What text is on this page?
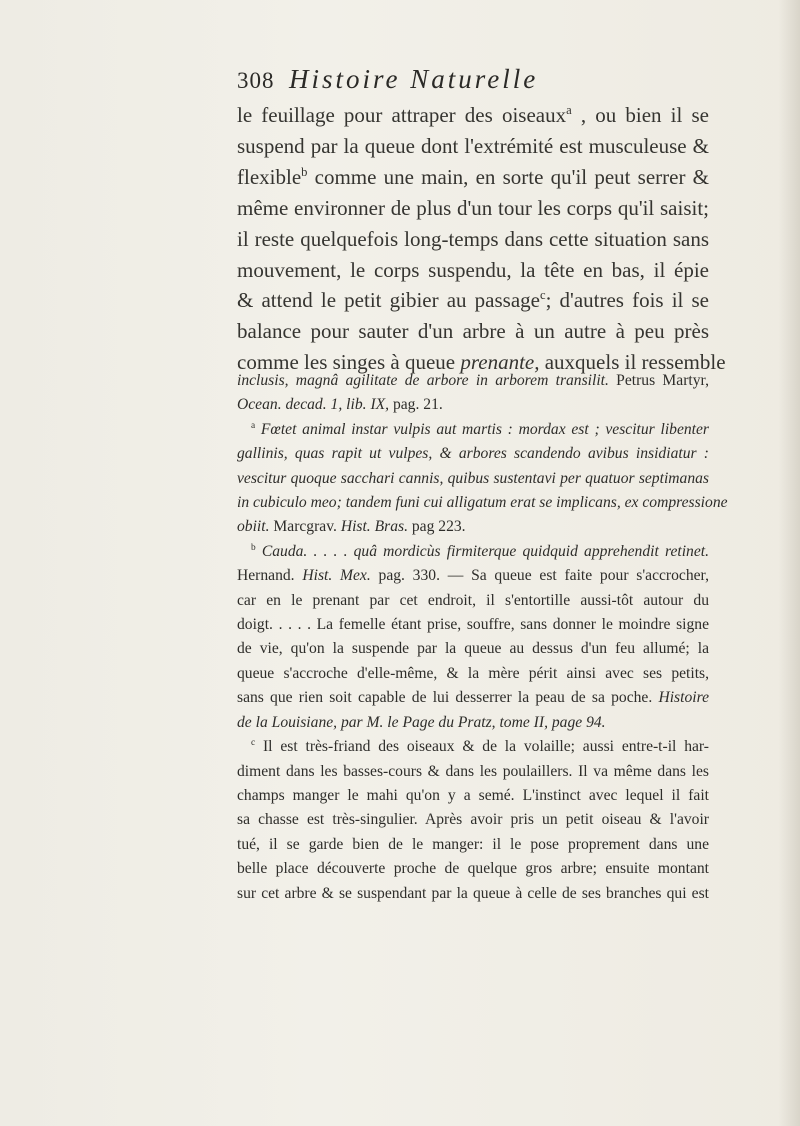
308 Histoire Naturelle
le feuillage pour attraper des oiseaux$^a$ , ou bien il se
suspend par la queue dont l'extrémité est musculeuse &
flexible$^b$ comme une main, en sorte qu'il peut serrer &
même environner de plus d'un tour les corps qu'il saisit;
il reste quelquefois long-temps dans cette situation sans
mouvement, le corps suspendu, la tête en bas, il épie
& attend le petit gibier au passage$^c$; d'autres fois il se
balance pour sauter d'un arbre à un autre à peu près
comme les singes à queue prenante, auxquels il ressemble
inclusis, magnâ agilitate de arbore in arborem transilit. Petrus Martyr,
Ocean. decad. 1, lib. IX, pag. 21.
$^a$ Fœtet animal instar vulpis aut martis : mordax est ; vescitur libenter
gallinis, quas rapit ut vulpes, & arbores scandendo avibus insidiatur :
vescitur quoque sacchari cannis, quibus sustentavi per quatuor septimanas
in cubiculo meo; tandem funi cui alligatum erat se implicans, ex compressione
obiit. Marcgrav. Hist. Bras. pag 223.
$^b$ Cauda. . . . . quâ mordicùs firmiterque quidquid apprehendit retinet.
Hernand. Hist. Mex. pag. 330. — Sa queue est faite pour s'accrocher,
car en le prenant par cet endroit, il s'entortille aussi-tôt autour du
doigt. . . . . La femelle étant prise, souffre, sans donner le moindre signe
de vie, qu'on la suspende par la queue au dessus d'un feu allumé; la
queue s'accroche d'elle-même, & la mère périt ainsi avec ses petits,
sans que rien soit capable de lui desserrer la peau de sa poche. Histoire
de la Louisiane, par M. le Page du Pratz, tome II, page 94.
$^c$ Il est très-friand des oiseaux & de la volaille; aussi entre-t-il har-
diment dans les basses-cours & dans les poulaillers. Il va même dans les
champs manger le mahi qu'on y a semé. L'instinct avec lequel il fait
sa chasse est très-singulier. Après avoir pris un petit oiseau & l'avoir
tué, il se garde bien de le manger: il le pose proprement dans une
belle place découverte proche de quelque gros arbre; ensuite montant
sur cet arbre & se suspendant par la queue à celle de ses branches qui est
